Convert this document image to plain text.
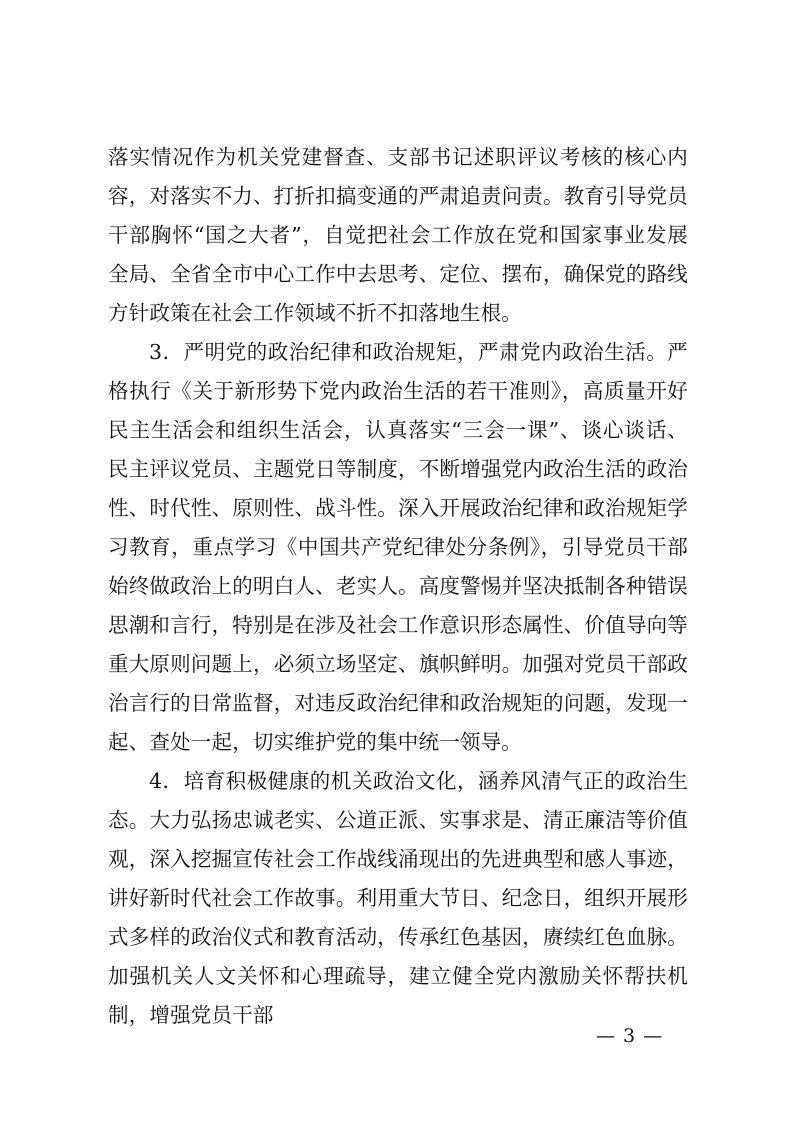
落实情况作为机关党建督查、支部书记述职评议考核的核心内容，对落实不力、打折扣搞变通的严肃追责问责。教育引导党员干部胸怀“国之大者”，自觉把社会工作放在党和国家事业发展全局、全省全市中心工作中去思考、定位、摆布，确保党的路线方针政策在社会工作领域不折不扣落地生根。

3．严明党的政治纪律和政治规矩，严肃党内政治生活。严格执行《关于新形势下党内政治生活的若干准则》，高质量开好民主生活会和组织生活会，认真落实“三会一课”、谈心谈话、民主评议党员、主题党日等制度，不断增强党内政治生活的政治性、时代性、原则性、战斗性。深入开展政治纪律和政治规矩学习教育，重点学习《中国共产党纪律处分条例》，引导党员干部始终做政治上的明白人、老实人。高度警惕并坚决抵制各种错误思潮和言行，特别是在涉及社会工作意识形态属性、价值导向等重大原则问题上，必须立场坚定、旗帜鲜明。加强对党员干部政治言行的日常监督，对违反政治纪律和政治规矩的问题，发现一起、查处一起，切实维护党的集中统一领导。

4．培育积极健康的机关政治文化，涵养风清气正的政治生态。大力弘扬忠诚老实、公道正派、实事求是、清正廉洁等价值观，深入挖掘宣传社会工作战线涌现出的先进典型和感人事迹，讲好新时代社会工作故事。利用重大节日、纪念日，组织开展形式多样的政治仪式和教育活动，传承红色基因，赓续红色血脉。加强机关人文关怀和心理疏导，建立健全党内激励关怀帮扶机制，增强党员干部

— 3 —
